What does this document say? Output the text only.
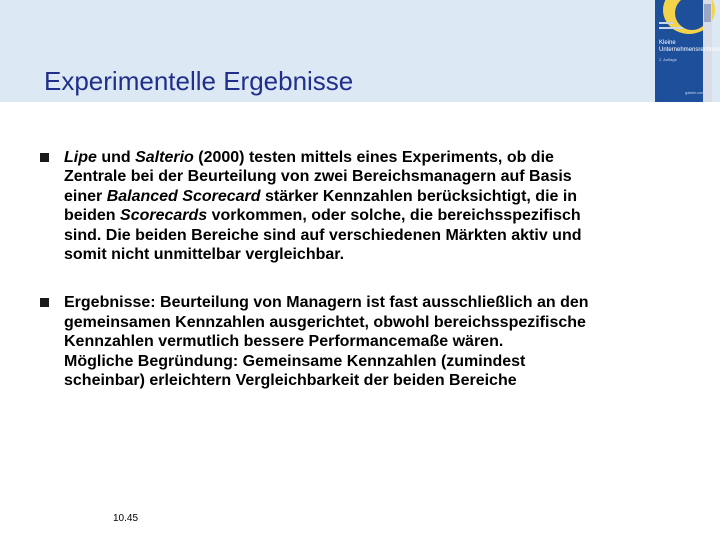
Experimentelle Ergebnisse
Kleine
Unternehmensrechnung
2. Auflage
gabler.com
Lipe und Salterio (2000) testen mittels eines Experiments, ob die
Zentrale bei der Beurteilung von zwei Bereichsmanagern auf Basis
einer Balanced Scorecard stärker Kennzahlen berücksichtigt, die in
beiden Scorecards vorkommen, oder solche, die bereichsspezifisch
sind. Die beiden Bereiche sind auf verschiedenen Märkten aktiv und
somit nicht unmittelbar vergleichbar.
Ergebnisse: Beurteilung von Managern ist fast ausschließlich an den
gemeinsamen Kennzahlen ausgerichtet, obwohl bereichsspezifische
Kennzahlen vermutlich bessere Performancemaße wären.
Mögliche Begründung: Gemeinsame Kennzahlen (zumindest
scheinbar) erleichtern Vergleichbarkeit der beiden Bereiche
10.45
